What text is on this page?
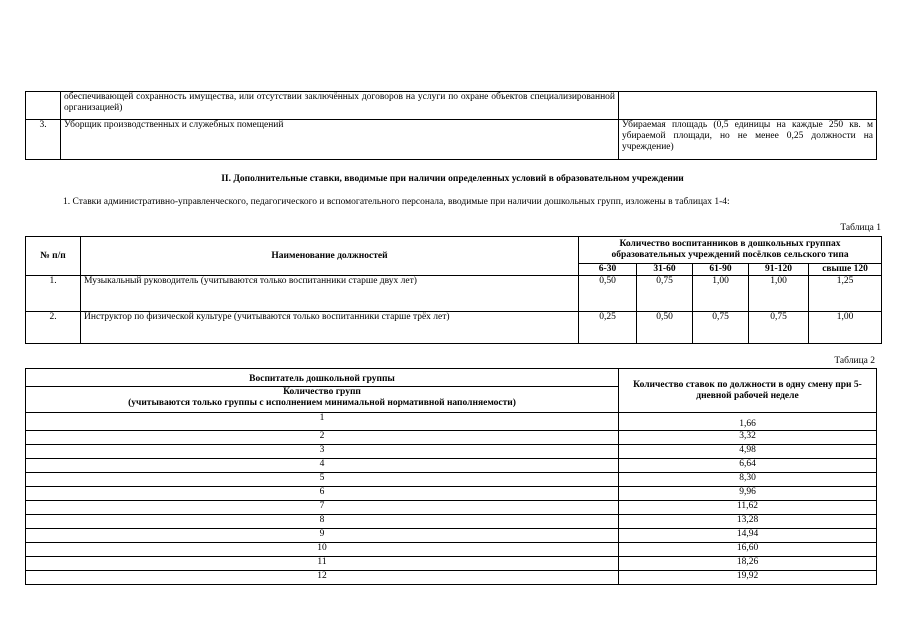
	обеспечивающей сохранность имущества, или отсутствии заключённых договоров на услуги по охране объектов специализированной организацией)	
3.	Уборщик производственных и служебных помещений	Убираемая площадь (0,5 единицы на каждые 250 кв. м убираемой площади, но не менее 0,25 должности на учреждение)
II. Дополнительные ставки, вводимые при наличии определенных условий в образовательном учреждении
1. Ставки административно-управленческого, педагогического и вспомогательного персонала, вводимые при наличии дошкольных групп, изложены в таблицах 1-4:
Таблица 1
№ п/п	Наименование должностей	Количество воспитанников в дошкольных группах образовательных учреждений посёлков сельского типа				
		6-30	31-60	61-90	91-120	свыше 120
1.	Музыкальный руководитель (учитываются только воспитанники старше двух лет)	0,50	0,75	1,00	1,00	1,25
2.	Инструктор по физической культуре (учитываются только воспитанники старше трёх лет)	0,25	0,50	0,75	0,75	1,00
Таблица 2
Воспитатель дошкольной группы
Количество групп
(учитываются только группы с исполнением минимальной нормативной наполняемости)	Количество ставок по должности в одну смену при 5-дневной рабочей неделе
1	1,66
2	3,32
3	4,98
4	6,64
5	8,30
6	9,96
7	11,62
8	13,28
9	14,94
10	16,60
11	18,26
12	19,92
